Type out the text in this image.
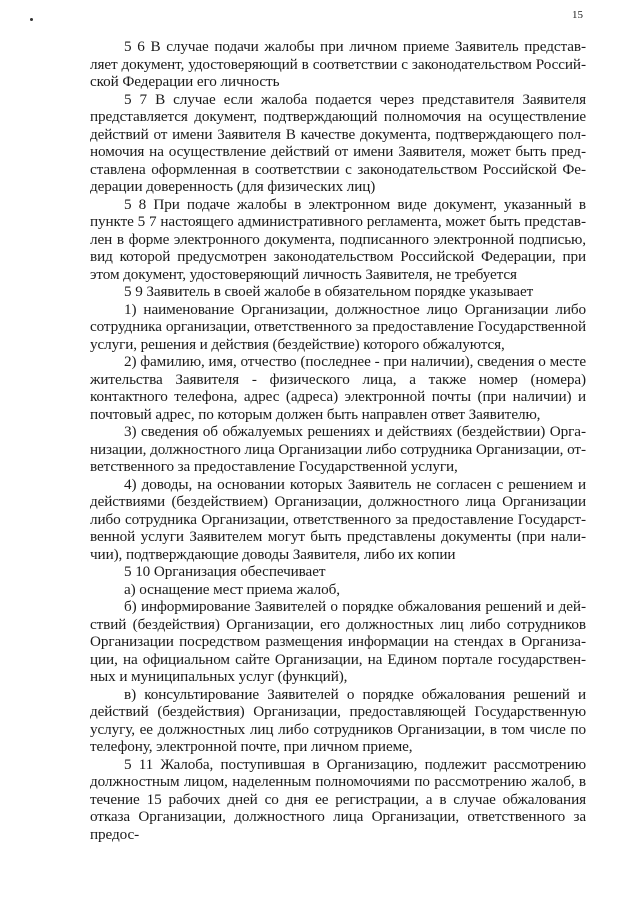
15

5 6 В случае подачи жалобы при личном приеме Заявитель представляет документ, удостоверяющий в соответствии с законодательством Российской Федерации его личность

5 7 В случае если жалоба подается через представителя Заявителя представляется документ, подтверждающий полномочия на осуществление действий от имени Заявителя В качестве документа, подтверждающего полномочия на осуществление действий от имени Заявителя, может быть представлена оформленная в соответствии с законодательством Российской Федерации доверенность (для физических лиц)

5 8 При подаче жалобы в электронном виде документ, указанный в пункте 5 7 настоящего административного регламента, может быть представлен в форме электронного документа, подписанного электронной подписью, вид которой предусмотрен законодательством Российской Федерации, при этом документ, удостоверяющий личность Заявителя, не требуется

5 9 Заявитель в своей жалобе в обязательном порядке указывает

1) наименование Организации, должностное лицо Организации либо сотрудника организации, ответственного за предоставление Государственной услуги, решения и действия (бездействие) которого обжалуются,

2) фамилию, имя, отчество (последнее - при наличии), сведения о месте жительства Заявителя - физического лица, а также номер (номера) контактного телефона, адрес (адреса) электронной почты (при наличии) и почтовый адрес, по которым должен быть направлен ответ Заявителю,

3) сведения об обжалуемых решениях и действиях (бездействии) Организации, должностного лица Организации либо сотрудника Организации, ответственного за предоставление Государственной услуги,

4) доводы, на основании которых Заявитель не согласен с решением и действиями (бездействием) Организации, должностного лица Организации либо сотрудника Организации, ответственного за предоставление Государственной услуги Заявителем могут быть представлены документы (при наличии), подтверждающие доводы Заявителя, либо их копии

5 10 Организация обеспечивает

а) оснащение мест приема жалоб,

б) информирование Заявителей о порядке обжалования решений и действий (бездействия) Организации, его должностных лиц либо сотрудников Организации посредством размещения информации на стендах в Организации, на официальном сайте Организации, на Едином портале государственных и муниципальных услуг (функций),

в) консультирование Заявителей о порядке обжалования решений и действий (бездействия) Организации, предоставляющей Государственную услугу, ее должностных лиц либо сотрудников Организации, в том числе по телефону, электронной почте, при личном приеме,

5 11 Жалоба, поступившая в Организацию, подлежит рассмотрению должностным лицом, наделенным полномочиями по рассмотрению жалоб, в течение 15 рабочих дней со дня ее регистрации, а в случае обжалования отказа Организации, должностного лица Организации, ответственного за предос-
